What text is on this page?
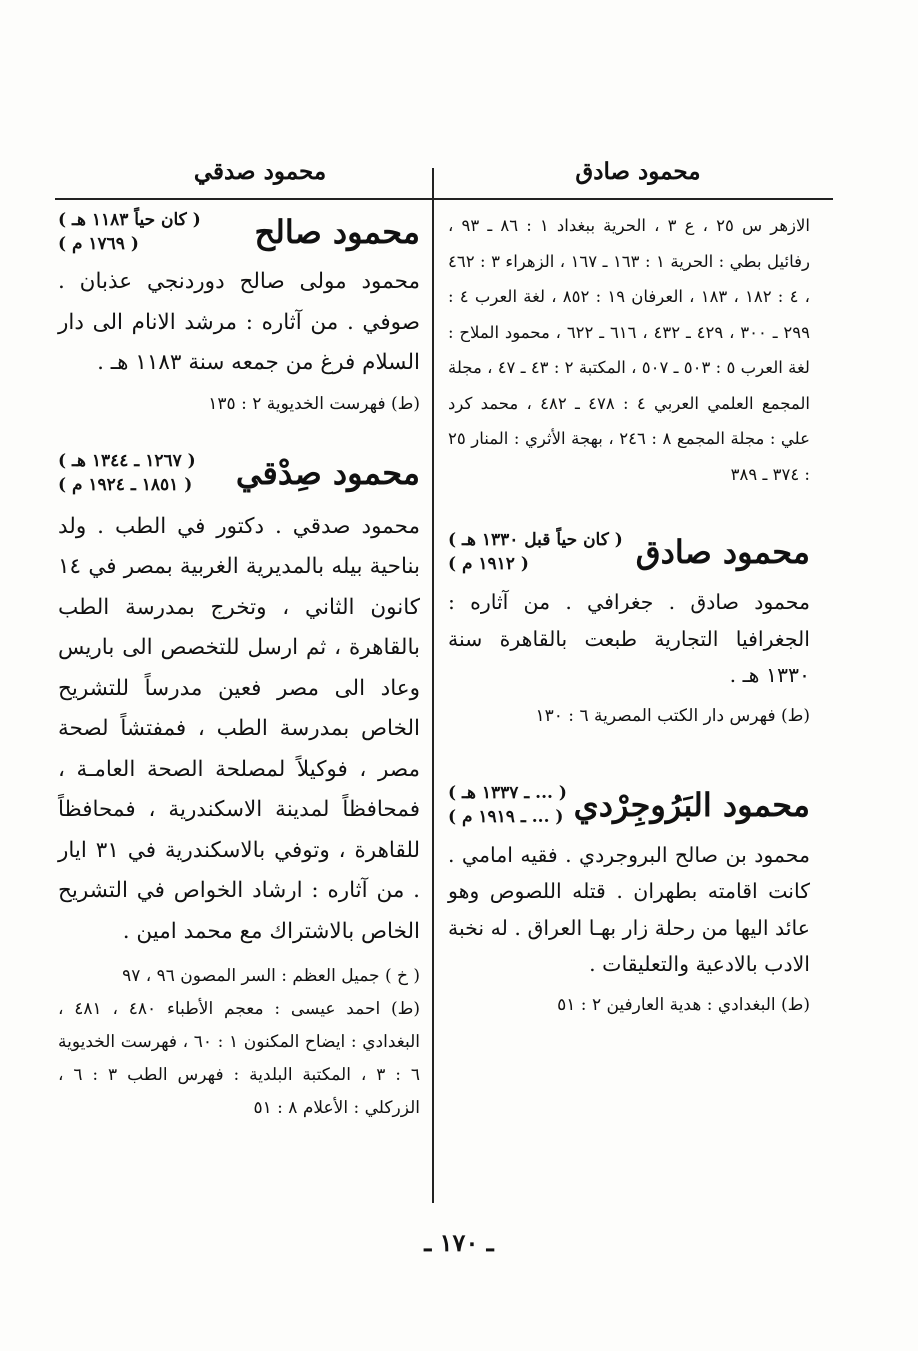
محمود صادق
محمود صدقي

الازهر س ٢٥ ، ع ٣ ، الحرية ببغداد ١ : ٨٦ ـ ٩٣ ، رفائيل بطي : الحرية ١ : ١٦٣ ـ ١٦٧ ، الزهراء ٣ : ٤٦٢ ، ٤ : ١٨٢ ، ١٨٣ ، العرفان ١٩ : ٨٥٢ ، لغة العرب ٤ : ٢٩٩ ـ ٣٠٠ ، ٤٢٩ ـ ٤٣٢ ، ٦١٦ ـ ٦٢٢ ، محمود الملاح : لغة العرب ٥ : ٥٠٣ ـ ٥٠٧ ، المكتبة ٢ : ٤٣ ـ ٤٧ ، مجلة المجمع العلمي العربي ٤ : ٤٧٨ ـ ٤٨٢ ، محمد كرد علي : مجلة المجمع ٨ : ٢٤٦ ، بهجة الأثري : المنار ٢٥ : ٣٧٤ ـ ٣٨٩

محمود صادق
( كان حياً قبل ١٣٣٠ هـ )
( ١٩١٢ م )

محمود صادق . جغرافي . من آثاره : الجغرافيا التجارية طبعت بالقاهرة سنة ١٣٣٠ هـ .

(ط) فهرس دار الكتب المصرية ٦ : ١٣٠

محمود البَرُوجِرْدي
( ... ـ ١٣٣٧ هـ )
( ... ـ ١٩١٩ م )

محمود بن صالح البروجردي . فقيه امامي . كانت اقامته بطهران . قتله اللصوص وهو عائد اليها من رحلة زار بهـا العراق . له نخبة الادب بالادعية والتعليقات .

(ط) البغدادي : هدية العارفين ٢ : ٥١

محمود صالح
( كان حياً ١١٨٣ هـ )
( ١٧٦٩ م )

محمود مولى صالح دوردنجي عذبان . صوفي . من آثاره : مرشد الانام الى دار السلام فرغ من جمعه سنة ١١٨٣ هـ .

(ط) فهرست الخديوية ٢ : ١٣٥

محمود صِدْقي
( ١٢٦٧ ـ ١٣٤٤ هـ )
( ١٨٥١ ـ ١٩٢٤ م )

محمود صدقي . دكتور في الطب . ولد بناحية بيله بالمديرية الغربية بمصر في ١٤ كانون الثاني ، وتخرج بمدرسة الطب بالقاهرة ، ثم ارسل للتخصص الى باريس وعاد الى مصر فعين مدرساً للتشريح الخاص بمدرسة الطب ، فمفتشاً لصحة مصر ، فوكيلاً لمصلحة الصحة العامـة ، فمحافظاً لمدينة الاسكندرية ، فمحافظاً للقاهرة ، وتوفي بالاسكندرية في ٣١ ايار . من آثاره : ارشاد الخواص في التشريح الخاص بالاشتراك مع محمد امين .

( خ ) جميل العظم : السر المصون ٩٦ ، ٩٧

(ط) احمد عيسى : معجم الأطباء ٤٨٠ ، ٤٨١ ، البغدادي : ايضاح المكنون ١ : ٦٠ ، فهرست الخديوية ٦ : ٣ ، المكتبة البلدية : فهرس الطب ٣ : ٦ ، الزركلي : الأعلام ٨ : ٥١

ـ ١٧٠ ـ
